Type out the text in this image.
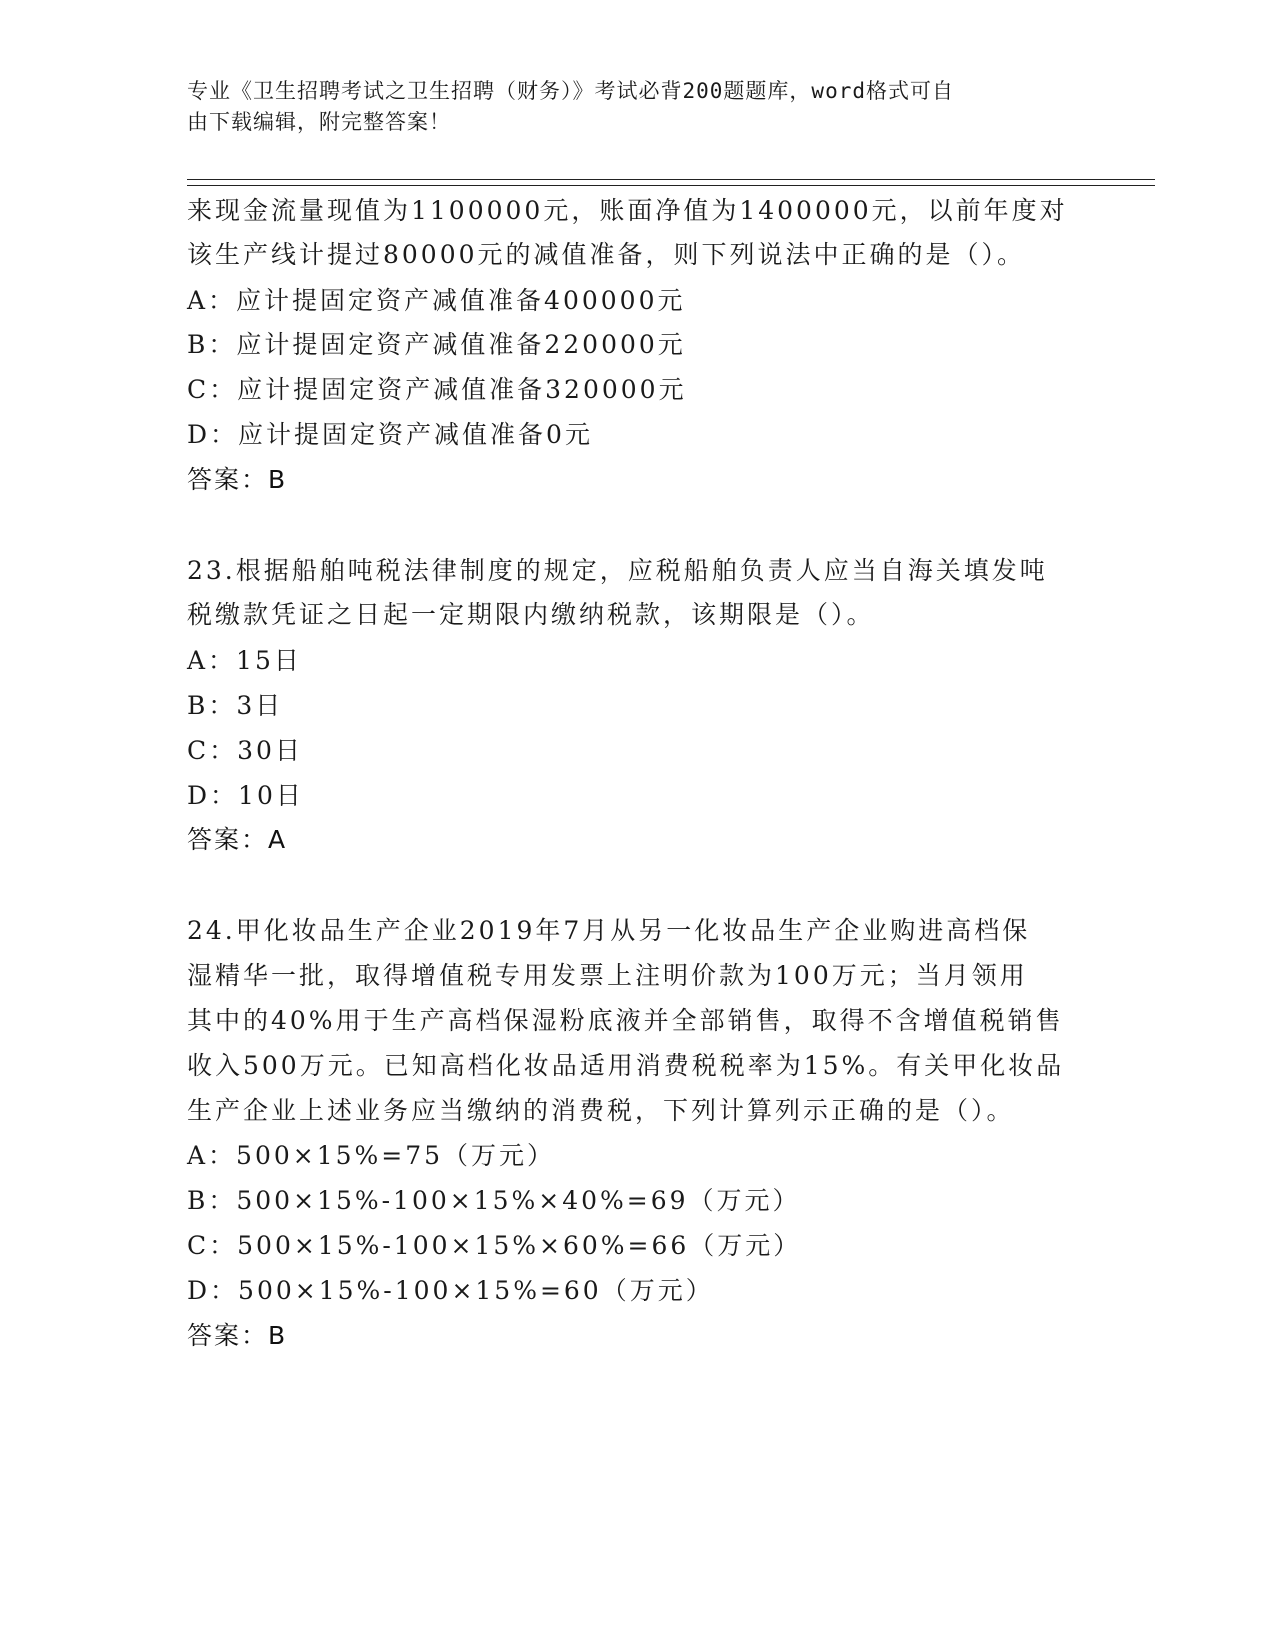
专业《卫生招聘考试之卫生招聘（财务）》考试必背200题题库，word格式可自
由下载编辑，附完整答案！
来现金流量现值为1100000元，账面净值为1400000元，以前年度对
该生产线计提过80000元的减值准备，则下列说法中正确的是（）。
A：应计提固定资产减值准备400000元
B：应计提固定资产减值准备220000元
C：应计提固定资产减值准备320000元
D：应计提固定资产减值准备0元
答案：B
23.根据船舶吨税法律制度的规定，应税船舶负责人应当自海关填发吨
税缴款凭证之日起一定期限内缴纳税款，该期限是（）。
A：15日
B：3日
C：30日
D：10日
答案：A
24.甲化妆品生产企业2019年7月从另一化妆品生产企业购进高档保
湿精华一批，取得增值税专用发票上注明价款为100万元；当月领用
其中的40%用于生产高档保湿粉底液并全部销售，取得不含增值税销售
收入500万元。已知高档化妆品适用消费税税率为15%。有关甲化妆品
生产企业上述业务应当缴纳的消费税，下列计算列示正确的是（）。
A：500×15%=75（万元）
B：500×15%-100×15%×40%=69（万元）
C：500×15%-100×15%×60%=66（万元）
D：500×15%-100×15%=60（万元）
答案：B
